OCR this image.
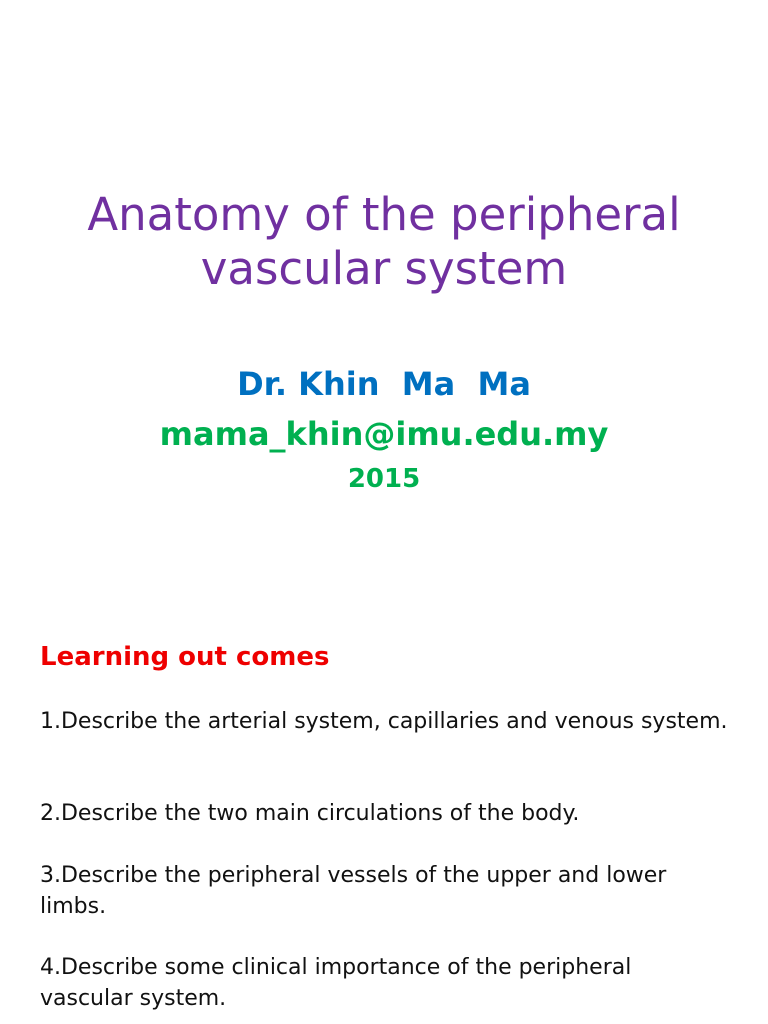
Anatomy of the peripheral
vascular system
Dr. Khin  Ma  Ma
mama_khin@imu.edu.my
2015
Learning out comes

1.Describe the arterial system, capillaries and venous system.

2.Describe the two main circulations of the body.

3.Describe the peripheral vessels of the upper and lower limbs.

4.Describe some clinical importance of the peripheral vascular system.
